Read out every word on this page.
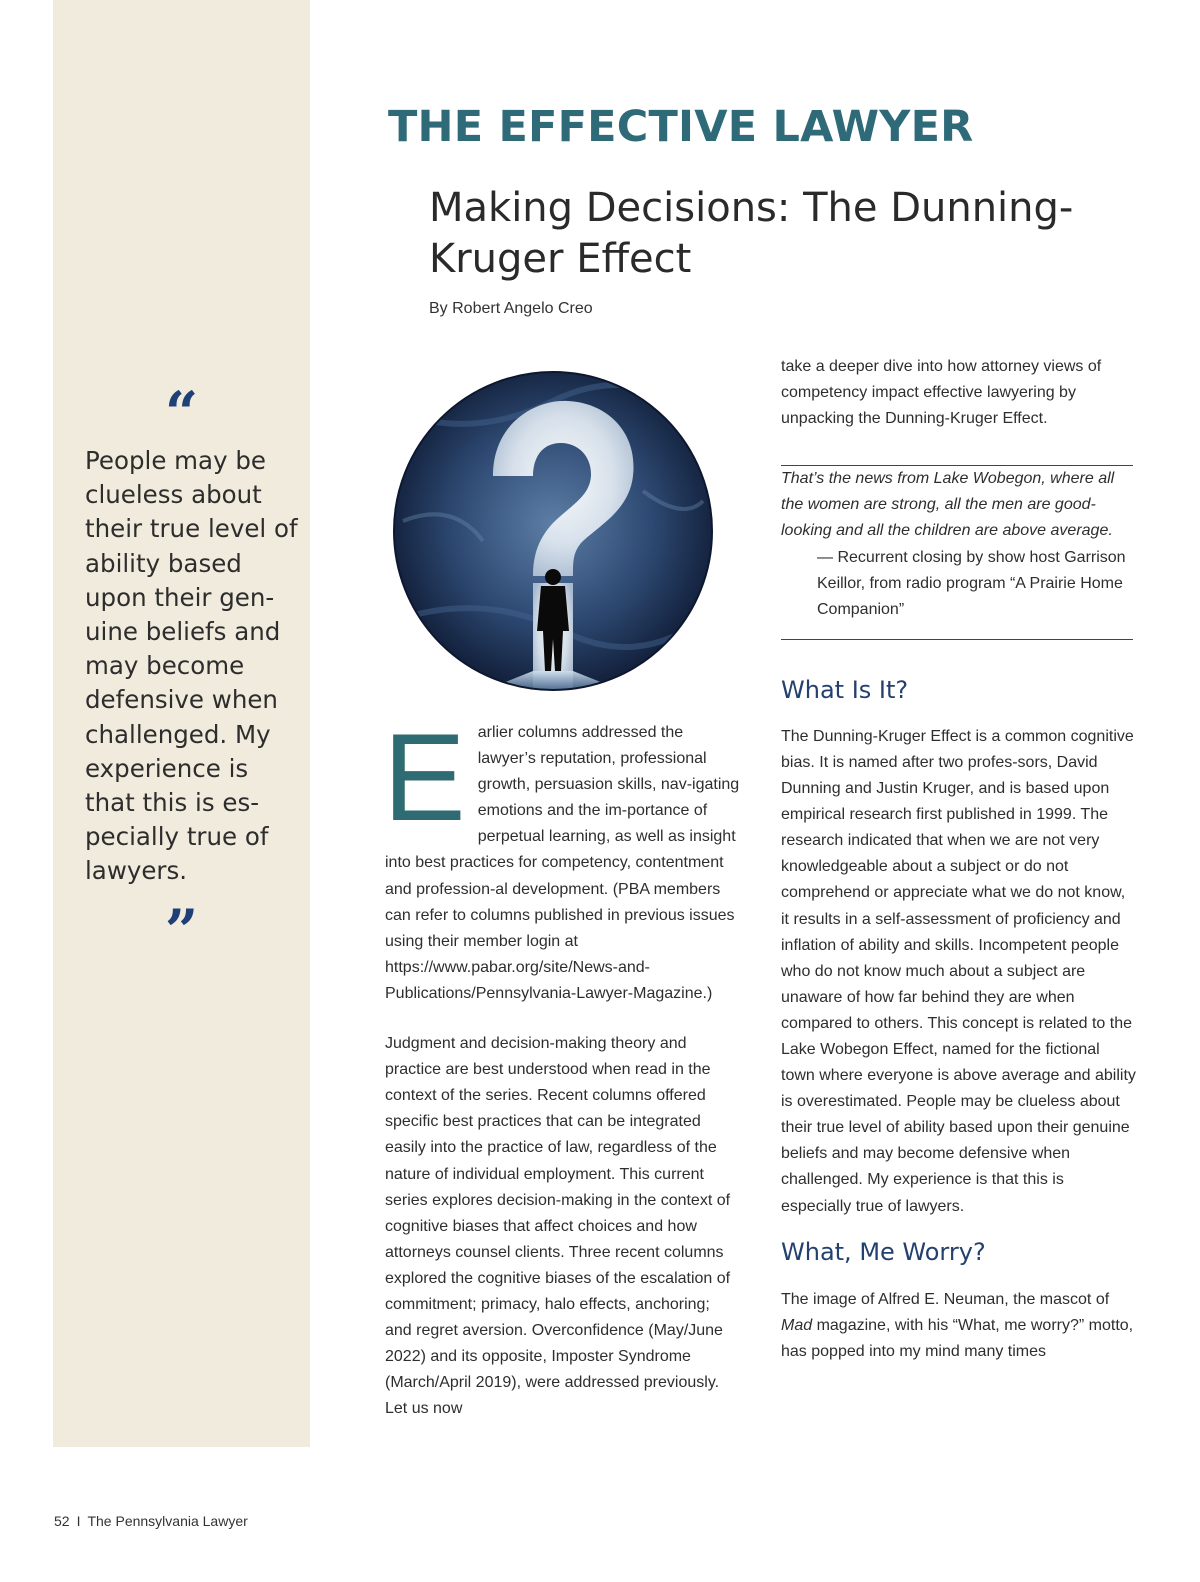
“

People may be clueless about their true level of ability based upon their gen-uine beliefs and may become defensive when challenged. My experience is that this is es-pecially true of lawyers.

”
THE EFFECTIVE LAWYER
Making Decisions: The Dunning-Kruger Effect

By Robert Angelo Creo

E arlier columns addressed the lawyer’s reputation, professional growth, persuasion skills, nav-igating emotions and the im-portance of perpetual learning, as well as insight into best practices for competency, contentment and profession-al development. (PBA members can refer to columns published in previous issues using their member login at https://www.pabar.org/site/News-and-Publications/Pennsylvania-Lawyer-Magazine.)

Judgment and decision-making theory and practice are best understood when read in the context of the series. Recent columns offered specific best practices that can be integrated easily into the practice of law, regardless of the nature of individual employment. This current series explores decision-making in the context of cognitive biases that affect choices and how attorneys counsel clients. Three recent columns explored the cognitive biases of the escalation of commitment; primacy, halo effects, anchoring; and regret aversion. Overconfidence (May/June 2022) and its opposite, Imposter Syndrome (March/April 2019), were addressed previously. Let us now

take a deeper dive into how attorney views of competency impact effective lawyering by unpacking the Dunning-Kruger Effect.

That’s the news from Lake Wobegon, where all the women are strong, all the men are good-looking and all the children are above average.

— Recurrent closing by show host Garrison Keillor, from radio program “A Prairie Home Companion”

What Is It?

The Dunning-Kruger Effect is a common cognitive bias. It is named after two profes-sors, David Dunning and Justin Kruger, and is based upon empirical research first published in 1999. The research indicated that when we are not very knowledgeable about a subject or do not comprehend or appreciate what we do not know, it results in a self-assessment of proficiency and inflation of ability and skills. Incompetent people who do not know much about a subject are unaware of how far behind they are when compared to others. This concept is related to the Lake Wobegon Effect, named for the fictional town where everyone is above average and ability is overestimated. People may be clueless about their true level of ability based upon their genuine beliefs and may become defensive when challenged. My experience is that this is especially true of lawyers.

What, Me Worry?

The image of Alfred E. Neuman, the mascot of Mad magazine, with his “What, me worry?” motto, has popped into my mind many times

52 I The Pennsylvania Lawyer
